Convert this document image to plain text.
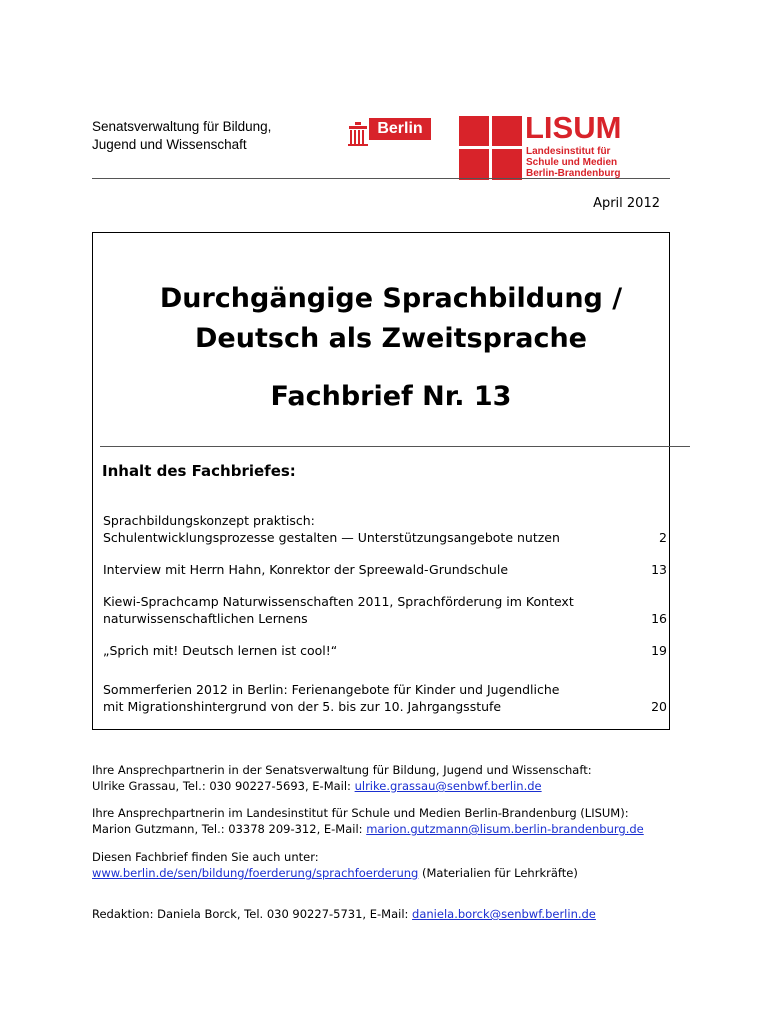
Senatsverwaltung für Bildung,
Jugend und Wissenschaft
Berlin	LISUM
Landesinstitut für
Schule und Medien
Berlin-Brandenburg
April 2012
Durchgängige Sprachbildung /
Deutsch als Zweitsprache
Fachbrief Nr. 13
Inhalt des Fachbriefes:
Sprachbildungskonzept praktisch:
Schulentwicklungsprozesse gestalten — Unterstützungsangebote nutzen	2
Interview mit Herrn Hahn, Konrektor der Spreewald-Grundschule	13
Kiewi-Sprachcamp Naturwissenschaften 2011, Sprachförderung im Kontext
naturwissenschaftlichen Lernens	16
„Sprich mit! Deutsch lernen ist cool!“	19
Sommerferien 2012 in Berlin: Ferienangebote für Kinder und Jugendliche
mit Migrationshintergrund von der 5. bis zur 10. Jahrgangsstufe	20
Ihre Ansprechpartnerin in der Senatsverwaltung für Bildung, Jugend und Wissenschaft:
Ulrike Grassau, Tel.: 030 90227-5693, E-Mail: ulrike.grassau@senbwf.berlin.de
Ihre Ansprechpartnerin im Landesinstitut für Schule und Medien Berlin-Brandenburg (LISUM):
Marion Gutzmann, Tel.: 03378 209-312, E-Mail: marion.gutzmann@lisum.berlin-brandenburg.de
Diesen Fachbrief finden Sie auch unter:
www.berlin.de/sen/bildung/foerderung/sprachfoerderung (Materialien für Lehrkräfte)
Redaktion: Daniela Borck, Tel. 030 90227-5731, E-Mail: daniela.borck@senbwf.berlin.de
